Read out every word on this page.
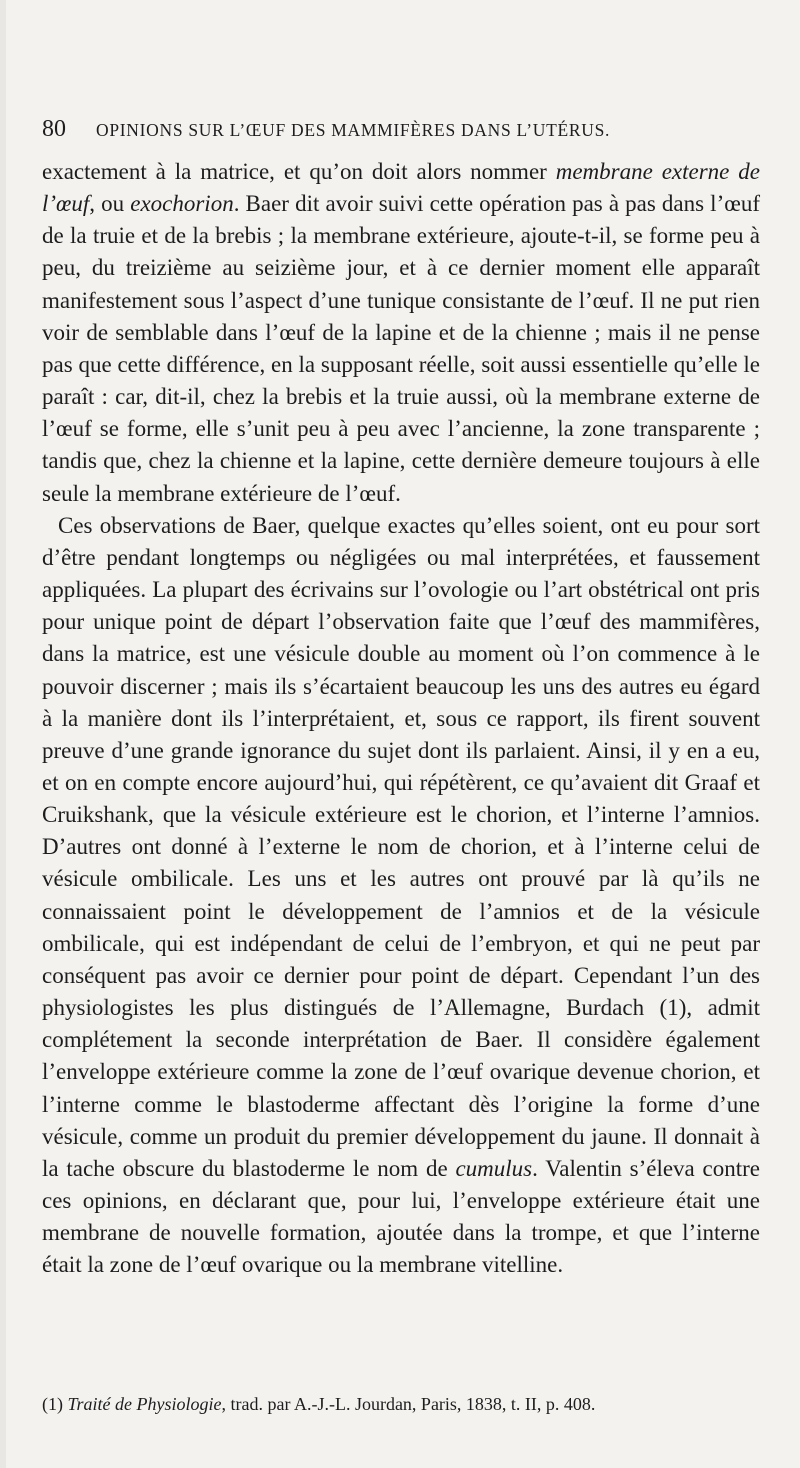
80 OPINIONS SUR L’ŒUF DES MAMMIFÈRES DANS L’UTÉRUS.

exactement à la matrice, et qu’on doit alors nommer membrane externe de l’œuf, ou exochorion. Baer dit avoir suivi cette opération pas à pas dans l’œuf de la truie et de la brebis ; la membrane extérieure, ajoute-t-il, se forme peu à peu, du treizième au seizième jour, et à ce dernier moment elle apparaît manifestement sous l’aspect d’une tunique consistante de l’œuf. Il ne put rien voir de semblable dans l’œuf de la lapine et de la chienne ; mais il ne pense pas que cette différence, en la supposant réelle, soit aussi essentielle qu’elle le paraît : car, dit-il, chez la brebis et la truie aussi, où la membrane externe de l’œuf se forme, elle s’unit peu à peu avec l’ancienne, la zone transparente ; tandis que, chez la chienne et la lapine, cette dernière demeure toujours à elle seule la membrane extérieure de l’œuf.

Ces observations de Baer, quelque exactes qu’elles soient, ont eu pour sort d’être pendant longtemps ou négligées ou mal interprétées, et faussement appliquées. La plupart des écrivains sur l’ovologie ou l’art obstétrical ont pris pour unique point de départ l’observation faite que l’œuf des mammifères, dans la matrice, est une vésicule double au moment où l’on commence à le pouvoir discerner ; mais ils s’écartaient beaucoup les uns des autres eu égard à la manière dont ils l’interprétaient, et, sous ce rapport, ils firent souvent preuve d’une grande ignorance du sujet dont ils parlaient. Ainsi, il y en a eu, et on en compte encore aujourd’hui, qui répétèrent, ce qu’avaient dit Graaf et Cruikshank, que la vésicule extérieure est le chorion, et l’interne l’amnios. D’autres ont donné à l’externe le nom de chorion, et à l’interne celui de vésicule ombilicale. Les uns et les autres ont prouvé par là qu’ils ne connaissaient point le développement de l’amnios et de la vésicule ombilicale, qui est indépendant de celui de l’embryon, et qui ne peut par conséquent pas avoir ce dernier pour point de départ. Cependant l’un des physiologistes les plus distingués de l’Allemagne, Burdach (1), admit complétement la seconde interprétation de Baer. Il considère également l’enveloppe extérieure comme la zone de l’œuf ovarique devenue chorion, et l’interne comme le blastoderme affectant dès l’origine la forme d’une vésicule, comme un produit du premier développement du jaune. Il donnait à la tache obscure du blastoderme le nom de cumulus. Valentin s’éleva contre ces opinions, en déclarant que, pour lui, l’enveloppe extérieure était une membrane de nouvelle formation, ajoutée dans la trompe, et que l’interne était la zone de l’œuf ovarique ou la membrane vitelline.

(1) Traité de Physiologie, trad. par A.-J.-L. Jourdan, Paris, 1838, t. II, p. 408.
